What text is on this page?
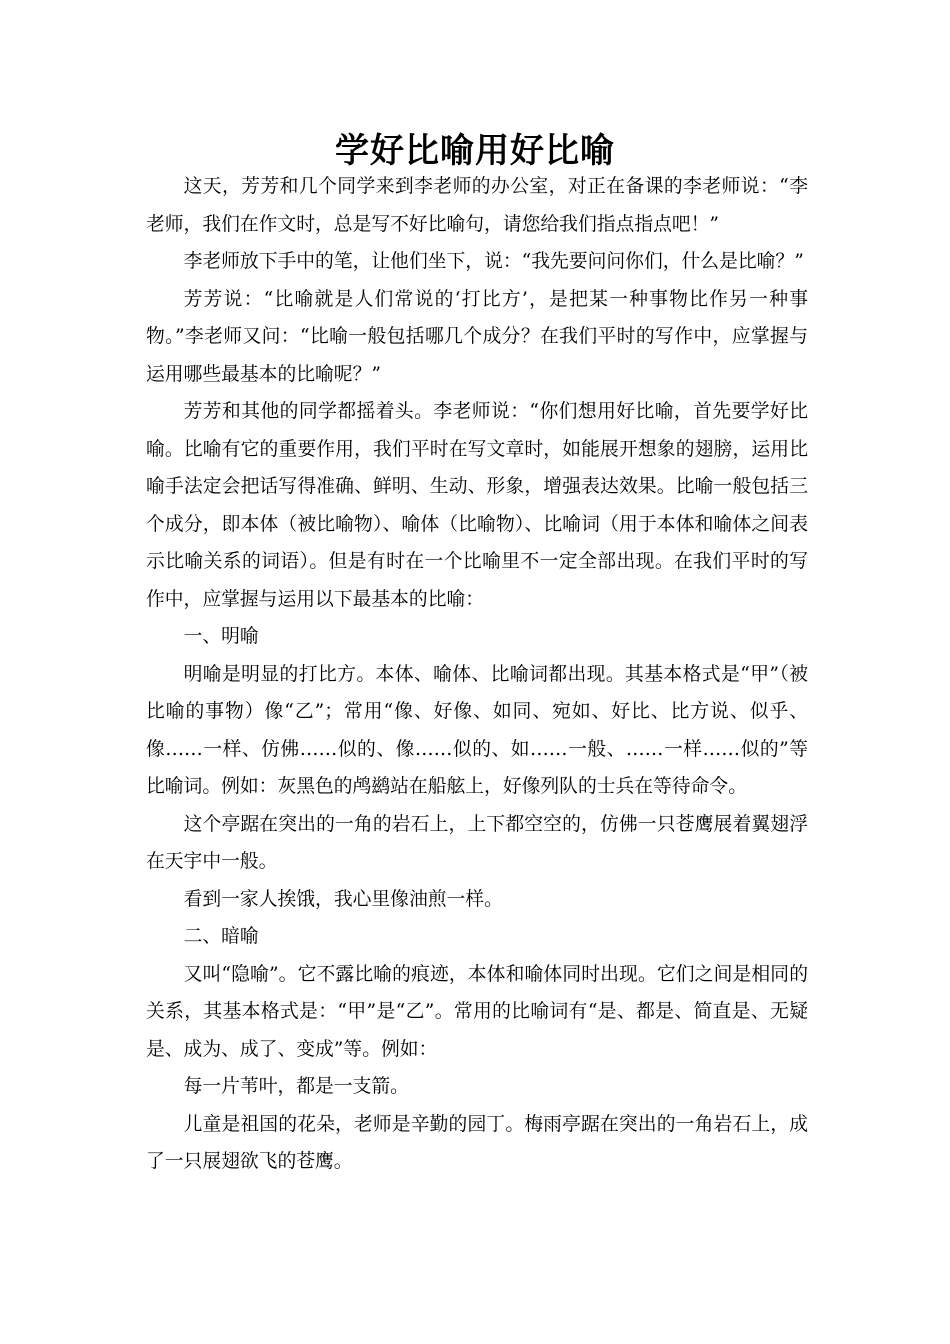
学好比喻用好比喻

这天，芳芳和几个同学来到李老师的办公室，对正在备课的李老师说：“李老师，我们在作文时，总是写不好比喻句，请您给我们指点指点吧！”

李老师放下手中的笔，让他们坐下，说：“我先要问问你们，什么是比喻？”

芳芳说：“比喻就是人们常说的‘打比方’，是把某一种事物比作另一种事物。”李老师又问：“比喻一般包括哪几个成分？在我们平时的写作中，应掌握与运用哪些最基本的比喻呢？”

芳芳和其他的同学都摇着头。李老师说：“你们想用好比喻，首先要学好比喻。比喻有它的重要作用，我们平时在写文章时，如能展开想象的翅膀，运用比喻手法定会把话写得准确、鲜明、生动、形象，增强表达效果。比喻一般包括三个成分，即本体（被比喻物）、喻体（比喻物）、比喻词（用于本体和喻体之间表示比喻关系的词语）。但是有时在一个比喻里不一定全部出现。在我们平时的写作中，应掌握与运用以下最基本的比喻：

一、明喻

明喻是明显的打比方。本体、喻体、比喻词都出现。其基本格式是“甲”（被比喻的事物）像“乙”；常用“像、好像、如同、宛如、好比、比方说、似乎、像……一样、仿佛……似的、像……似的、如……一般、……一样……似的”等比喻词。例如：灰黑色的鸬鹚站在船舷上，好像列队的士兵在等待命令。

这个亭踞在突出的一角的岩石上，上下都空空的，仿佛一只苍鹰展着翼翅浮在天宇中一般。

看到一家人挨饿，我心里像油煎一样。

二、暗喻

又叫“隐喻”。它不露比喻的痕迹，本体和喻体同时出现。它们之间是相同的关系，其基本格式是：“甲”是“乙”。常用的比喻词有“是、都是、简直是、无疑是、成为、成了、变成”等。例如：

每一片苇叶，都是一支箭。

儿童是祖国的花朵，老师是辛勤的园丁。梅雨亭踞在突出的一角岩石上，成了一只展翅欲飞的苍鹰。
